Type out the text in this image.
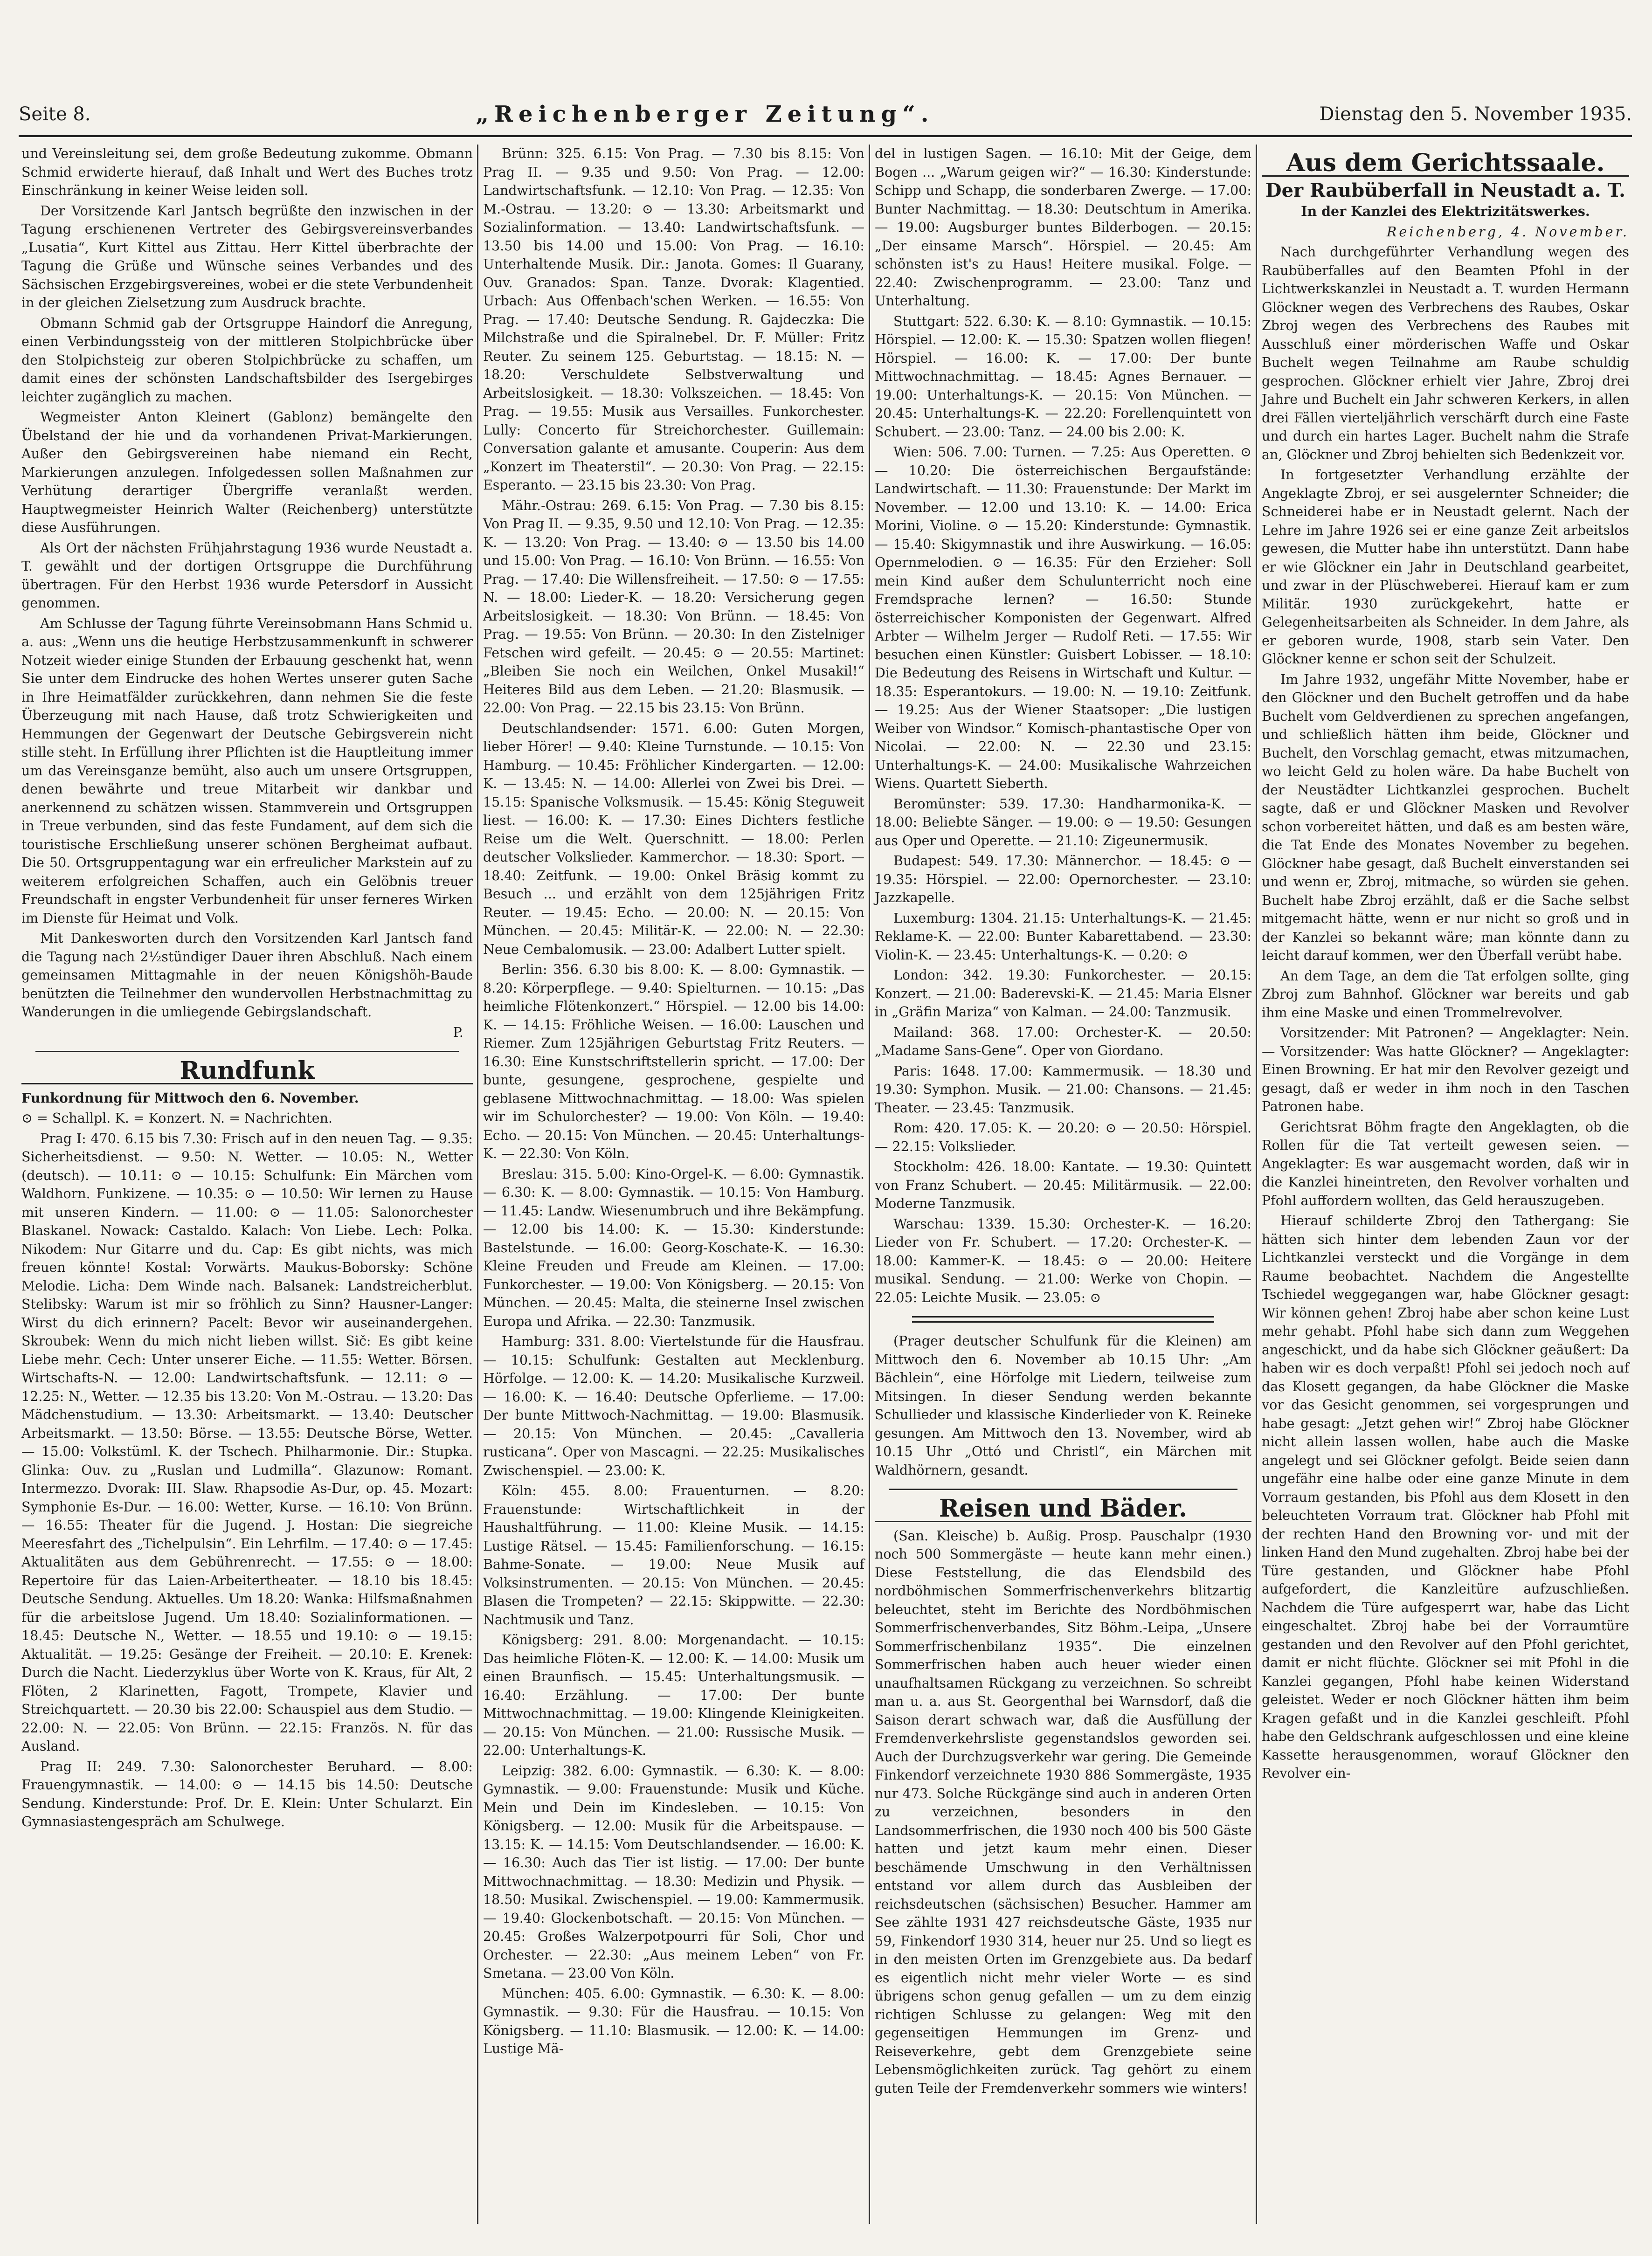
Seite 8.	„Reichenberger Zeitung“.	Dienstag den 5. November 1935.

und Vereinsleitung sei, dem große Bedeutung zukomme. Obmann Schmid erwiderte hierauf, daß Inhalt und Wert des Buches trotz Einschränkung in keiner Weise leiden soll.

Der Vorsitzende Karl Jantsch begrüßte den inzwischen in der Tagung erschienenen Vertreter des Gebirgsvereinsverbandes „Lusatia“, Kurt Kittel aus Zittau. Herr Kittel überbrachte der Tagung die Grüße und Wünsche seines Verbandes und des Sächsischen Erzgebirgsvereines, wobei er die stete Verbundenheit in der gleichen Zielsetzung zum Ausdruck brachte.

Obmann Schmid gab der Ortsgruppe Haindorf die Anregung, einen Verbindungssteig von der mittleren Stolpichbrücke über den Stolpichsteig zur oberen Stolpichbrücke zu schaffen, um damit eines der schönsten Landschaftsbilder des Isergebirges leichter zugänglich zu machen.

Wegmeister Anton Kleinert (Gablonz) bemängelte den Übelstand der hie und da vorhandenen Privat-Markierungen. Außer den Gebirgsvereinen habe niemand ein Recht, Markierungen anzulegen. Infolgedessen sollen Maßnahmen zur Verhütung derartiger Übergriffe veranlaßt werden. Hauptwegmeister Heinrich Walter (Reichenberg) unterstützte diese Ausführungen.

Als Ort der nächsten Frühjahrstagung 1936 wurde Neustadt a. T. gewählt und der dortigen Ortsgruppe die Durchführung übertragen. Für den Herbst 1936 wurde Petersdorf in Aussicht genommen.

Am Schlusse der Tagung führte Vereinsobmann Hans Schmid u. a. aus: „Wenn uns die heutige Herbstzusammenkunft in schwerer Notzeit wieder einige Stunden der Erbauung geschenkt hat, wenn Sie unter dem Eindrucke des hohen Wertes unserer guten Sache in Ihre Heimatfälder zurückkehren, dann nehmen Sie die feste Überzeugung mit nach Hause, daß trotz Schwierigkeiten und Hemmungen der Gegenwart der Deutsche Gebirgsverein nicht stille steht. In Erfüllung ihrer Pflichten ist die Hauptleitung immer um das Vereinsganze bemüht, also auch um unsere Ortsgruppen, denen bewährte und treue Mitarbeit wir dankbar und anerkennend zu schätzen wissen. Stammverein und Ortsgruppen in Treue verbunden, sind das feste Fundament, auf dem sich die touristische Erschließung unserer schönen Bergheimat aufbaut. Die 50. Ortsgruppentagung war ein erfreulicher Markstein auf zu weiterem erfolgreichen Schaffen, auch ein Gelöbnis treuer Freundschaft in engster Verbundenheit für unser ferneres Wirken im Dienste für Heimat und Volk.

Mit Dankesworten durch den Vorsitzenden Karl Jantsch fand die Tagung nach 2½stündiger Dauer ihren Abschluß. Nach einem gemeinsamen Mittagmahle in der neuen Königshöh-Baude benützten die Teilnehmer den wundervollen Herbstnachmittag zu Wanderungen in die umliegende Gebirgslandschaft.

P.
Rundfunk

Funkordnung für Mittwoch den 6. November.

⊙ = Schallpl. K. = Konzert. N. = Nachrichten.

Prag I: 470. 6.15 bis 7.30: Frisch auf in den neuen Tag. — 9.35: Sicherheitsdienst. — 9.50: N. Wetter. — 10.05: N., Wetter (deutsch). — 10.11: ⊙ — 10.15: Schulfunk: Ein Märchen vom Waldhorn. Funkizene. — 10.35: ⊙ — 10.50: Wir lernen zu Hause mit unseren Kindern. — 11.00: ⊙ — 11.05: Salonorchester Blaskanel. Nowack: Castaldo. Kalach: Von Liebe. Lech: Polka. Nikodem: Nur Gitarre und du. Cap: Es gibt nichts, was mich freuen könnte! Kostal: Vorwärts. Maukus-Boborsky: Schöne Melodie. Licha: Dem Winde nach. Balsanek: Landstreicherblut. Stelibsky: Warum ist mir so fröhlich zu Sinn? Hausner-Langer: Wirst du dich erinnern? Pacelt: Bevor wir auseinandergehen. Skroubek: Wenn du mich nicht lieben willst. Sič: Es gibt keine Liebe mehr. Cech: Unter unserer Eiche. — 11.55: Wetter. Börsen. Wirtschafts-N. — 12.00: Landwirtschaftsfunk. — 12.11: ⊙ — 12.25: N., Wetter. — 12.35 bis 13.20: Von M.-Ostrau. — 13.20: Das Mädchenstudium. — 13.30: Arbeitsmarkt. — 13.40: Deutscher Arbeitsmarkt. — 13.50: Börse. — 13.55: Deutsche Börse, Wetter. — 15.00: Volkstüml. K. der Tschech. Philharmonie. Dir.: Stupka. Glinka: Ouv. zu „Ruslan und Ludmilla“. Glazunow: Romant. Intermezzo. Dvorak: III. Slaw. Rhapsodie As-Dur, op. 45. Mozart: Symphonie Es-Dur. — 16.00: Wetter, Kurse. — 16.10: Von Brünn. — 16.55: Theater für die Jugend. J. Hostan: Die siegreiche Meeresfahrt des „Tichelpulsin“. Ein Lehrfilm. — 17.40: ⊙ — 17.45: Aktualitäten aus dem Gebührenrecht. — 17.55: ⊙ — 18.00: Repertoire für das Laien-Arbeitertheater. — 18.10 bis 18.45: Deutsche Sendung. Aktuelles. Um 18.20: Wanka: Hilfsmaßnahmen für die arbeitslose Jugend. Um 18.40: Sozialinformationen. — 18.45: Deutsche N., Wetter. — 18.55 und 19.10: ⊙ — 19.15: Aktualität. — 19.25: Gesänge der Freiheit. — 20.10: E. Krenek: Durch die Nacht. Liederzyklus über Worte von K. Kraus, für Alt, 2 Flöten, 2 Klarinetten, Fagott, Trompete, Klavier und Streichquartett. — 20.30 bis 22.00: Schauspiel aus dem Studio. — 22.00: N. — 22.05: Von Brünn. — 22.15: Französ. N. für das Ausland.

Prag II: 249. 7.30: Salonorchester Beruhard. — 8.00: Frauengymnastik. — 14.00: ⊙ — 14.15 bis 14.50: Deutsche Sendung. Kinderstunde: Prof. Dr. E. Klein: Unter Schularzt. Ein Gymnasiastengespräch am Schulwege.

Brünn: 325. 6.15: Von Prag. — 7.30 bis 8.15: Von Prag II. — 9.35 und 9.50: Von Prag. — 12.00: Landwirtschaftsfunk. — 12.10: Von Prag. — 12.35: Von M.-Ostrau. — 13.20: ⊙ — 13.30: Arbeitsmarkt und Sozialinformation. — 13.40: Landwirtschaftsfunk. — 13.50 bis 14.00 und 15.00: Von Prag. — 16.10: Unterhaltende Musik. Dir.: Janota. Gomes: Il Guarany, Ouv. Granados: Span. Tanze. Dvorak: Klagentied. Urbach: Aus Offenbach'schen Werken. — 16.55: Von Prag. — 17.40: Deutsche Sendung. R. Gajdeczka: Die Milchstraße und die Spiralnebel. Dr. F. Müller: Fritz Reuter. Zu seinem 125. Geburtstag. — 18.15: N. — 18.20: Verschuldete Selbstverwaltung und Arbeitslosigkeit. — 18.30: Volkszeichen. — 18.45: Von Prag. — 19.55: Musik aus Versailles. Funkorchester. Lully: Concerto für Streichorchester. Guillemain: Conversation galante et amusante. Couperin: Aus dem „Konzert im Theaterstil“. — 20.30: Von Prag. — 22.15: Esperanto. — 23.15 bis 23.30: Von Prag.

Mähr.-Ostrau: 269. 6.15: Von Prag. — 7.30 bis 8.15: Von Prag II. — 9.35, 9.50 und 12.10: Von Prag. — 12.35: K. — 13.20: Von Prag. — 13.40: ⊙ — 13.50 bis 14.00 und 15.00: Von Prag. — 16.10: Von Brünn. — 16.55: Von Prag. — 17.40: Die Willensfreiheit. — 17.50: ⊙ — 17.55: N. — 18.00: Lieder-K. — 18.20: Versicherung gegen Arbeitslosigkeit. — 18.30: Von Brünn. — 18.45: Von Prag. — 19.55: Von Brünn. — 20.30: In den Zistelniger Fetschen wird gefeilt. — 20.45: ⊙ — 20.55: Martinet: „Bleiben Sie noch ein Weilchen, Onkel Musakil!“ Heiteres Bild aus dem Leben. — 21.20: Blasmusik. — 22.00: Von Prag. — 22.15 bis 23.15: Von Brünn.

Deutschlandsender: 1571. 6.00: Guten Morgen, lieber Hörer! — 9.40: Kleine Turnstunde. — 10.15: Von Hamburg. — 10.45: Fröhlicher Kindergarten. — 12.00: K. — 13.45: N. — 14.00: Allerlei von Zwei bis Drei. — 15.15: Spanische Volksmusik. — 15.45: König Steguweit liest. — 16.00: K. — 17.30: Eines Dichters festliche Reise um die Welt. Querschnitt. — 18.00: Perlen deutscher Volkslieder. Kammerchor. — 18.30: Sport. — 18.40: Zeitfunk. — 19.00: Onkel Bräsig kommt zu Besuch ... und erzählt von dem 125jährigen Fritz Reuter. — 19.45: Echo. — 20.00: N. — 20.15: Von München. — 20.45: Militär-K. — 22.00: N. — 22.30: Neue Cembalomusik. — 23.00: Adalbert Lutter spielt.

Berlin: 356. 6.30 bis 8.00: K. — 8.00: Gymnastik. — 8.20: Körperpflege. — 9.40: Spielturnen. — 10.15: „Das heimliche Flötenkonzert.“ Hörspiel. — 12.00 bis 14.00: K. — 14.15: Fröhliche Weisen. — 16.00: Lauschen und Riemer. Zum 125jährigen Geburtstag Fritz Reuters. — 16.30: Eine Kunstschriftstellerin spricht. — 17.00: Der bunte, gesungene, gesprochene, gespielte und geblasene Mittwochnachmittag. — 18.00: Was spielen wir im Schulorchester? — 19.00: Von Köln. — 19.40: Echo. — 20.15: Von München. — 20.45: Unterhaltungs-K. — 22.30: Von Köln.

Breslau: 315. 5.00: Kino-Orgel-K. — 6.00: Gymnastik. — 6.30: K. — 8.00: Gymnastik. — 10.15: Von Hamburg. — 11.45: Landw. Wiesenumbruch und ihre Bekämpfung. — 12.00 bis 14.00: K. — 15.30: Kinderstunde: Bastelstunde. — 16.00: Georg-Koschate-K. — 16.30: Kleine Freuden und Freude am Kleinen. — 17.00: Funkorchester. — 19.00: Von Königsberg. — 20.15: Von München. — 20.45: Malta, die steinerne Insel zwischen Europa und Afrika. — 22.30: Tanzmusik.

Hamburg: 331. 8.00: Viertelstunde für die Hausfrau. — 10.15: Schulfunk: Gestalten aut Mecklenburg. Hörfolge. — 12.00: K. — 14.20: Musikalische Kurzweil. — 16.00: K. — 16.40: Deutsche Opferlieme. — 17.00: Der bunte Mittwoch-Nachmittag. — 19.00: Blasmusik. — 20.15: Von München. — 20.45: „Cavalleria rusticana“. Oper von Mascagni. — 22.25: Musikalisches Zwischenspiel. — 23.00: K.

Köln: 455. 8.00: Frauenturnen. — 8.20: Frauenstunde: Wirtschaftlichkeit in der Haushaltführung. — 11.00: Kleine Musik. — 14.15: Lustige Rätsel. — 15.45: Familienforschung. — 16.15: Bahme-Sonate. — 19.00: Neue Musik auf Volksinstrumenten. — 20.15: Von München. — 20.45: Blasen die Trompeten? — 22.15: Skippwitte. — 22.30: Nachtmusik und Tanz.

Königsberg: 291. 8.00: Morgenandacht. — 10.15: Das heimliche Flöten-K. — 12.00: K. — 14.00: Musik um einen Braunfisch. — 15.45: Unterhaltungsmusik. — 16.40: Erzählung. — 17.00: Der bunte Mittwochnachmittag. — 19.00: Klingende Kleinigkeiten. — 20.15: Von München. — 21.00: Russische Musik. — 22.00: Unterhaltungs-K.

Leipzig: 382. 6.00: Gymnastik. — 6.30: K. — 8.00: Gymnastik. — 9.00: Frauenstunde: Musik und Küche. Mein und Dein im Kindesleben. — 10.15: Von Königsberg. — 12.00: Musik für die Arbeitspause. — 13.15: K. — 14.15: Vom Deutschlandsender. — 16.00: K. — 16.30: Auch das Tier ist listig. — 17.00: Der bunte Mittwochnachmittag. — 18.30: Medizin und Physik. — 18.50: Musikal. Zwischenspiel. — 19.00: Kammermusik. — 19.40: Glockenbotschaft. — 20.15: Von München. — 20.45: Großes Walzerpotpourri für Soli, Chor und Orchester. — 22.30: „Aus meinem Leben“ von Fr. Smetana. — 23.00 Von Köln.

München: 405. 6.00: Gymnastik. — 6.30: K. — 8.00: Gymnastik. — 9.30: Für die Hausfrau. — 10.15: Von Königsberg. — 11.10: Blasmusik. — 12.00: K. — 14.00: Lustige Mä-

del in lustigen Sagen. — 16.10: Mit der Geige, dem Bogen ... „Warum geigen wir?“ — 16.30: Kinderstunde: Schipp und Schapp, die sonderbaren Zwerge. — 17.00: Bunter Nachmittag. — 18.30: Deutschtum in Amerika. — 19.00: Augsburger buntes Bilderbogen. — 20.15: „Der einsame Marsch“. Hörspiel. — 20.45: Am schönsten ist's zu Haus! Heitere musikal. Folge. — 22.40: Zwischenprogramm. — 23.00: Tanz und Unterhaltung.

Stuttgart: 522. 6.30: K. — 8.10: Gymnastik. — 10.15: Hörspiel. — 12.00: K. — 15.30: Spatzen wollen fliegen! Hörspiel. — 16.00: K. — 17.00: Der bunte Mittwochnachmittag. — 18.45: Agnes Bernauer. — 19.00: Unterhaltungs-K. — 20.15: Von München. — 20.45: Unterhaltungs-K. — 22.20: Forellenquintett von Schubert. — 23.00: Tanz. — 24.00 bis 2.00: K.

Wien: 506. 7.00: Turnen. — 7.25: Aus Operetten. ⊙ — 10.20: Die österreichischen Bergaufstände: Landwirtschaft. — 11.30: Frauenstunde: Der Markt im November. — 12.00 und 13.10: K. — 14.00: Erica Morini, Violine. ⊙ — 15.20: Kinderstunde: Gymnastik. — 15.40: Skigymnastik und ihre Auswirkung. — 16.05: Opernmelodien. ⊙ — 16.35: Für den Erzieher: Soll mein Kind außer dem Schulunterricht noch eine Fremdsprache lernen? — 16.50: Stunde österreichischer Komponisten der Gegenwart. Alfred Arbter — Wilhelm Jerger — Rudolf Reti. — 17.55: Wir besuchen einen Künstler: Guisbert Lobisser. — 18.10: Die Bedeutung des Reisens in Wirtschaft und Kultur. — 18.35: Esperantokurs. — 19.00: N. — 19.10: Zeitfunk. — 19.25: Aus der Wiener Staatsoper: „Die lustigen Weiber von Windsor.“ Komisch-phantastische Oper von Nicolai. — 22.00: N. — 22.30 und 23.15: Unterhaltungs-K. — 24.00: Musikalische Wahrzeichen Wiens. Quartett Sieberth.

Beromünster: 539. 17.30: Handharmonika-K. — 18.00: Beliebte Sänger. — 19.00: ⊙ — 19.50: Gesungen aus Oper und Operette. — 21.10: Zigeunermusik.

Budapest: 549. 17.30: Männerchor. — 18.45: ⊙ — 19.35: Hörspiel. — 22.00: Opernorchester. — 23.10: Jazzkapelle.

Luxemburg: 1304. 21.15: Unterhaltungs-K. — 21.45: Reklame-K. — 22.00: Bunter Kabarettabend. — 23.30: Violin-K. — 23.45: Unterhaltungs-K. — 0.20: ⊙

London: 342. 19.30: Funkorchester. — 20.15: Konzert. — 21.00: Baderevski-K. — 21.45: Maria Elsner in „Gräfin Mariza“ von Kalman. — 24.00: Tanzmusik.

Mailand: 368. 17.00: Orchester-K. — 20.50: „Madame Sans-Gene“. Oper von Giordano.

Paris: 1648. 17.00: Kammermusik. — 18.30 und 19.30: Symphon. Musik. — 21.00: Chansons. — 21.45: Theater. — 23.45: Tanzmusik.

Rom: 420. 17.05: K. — 20.20: ⊙ — 20.50: Hörspiel. — 22.15: Volkslieder.

Stockholm: 426. 18.00: Kantate. — 19.30: Quintett von Franz Schubert. — 20.45: Militärmusik. — 22.00: Moderne Tanzmusik.

Warschau: 1339. 15.30: Orchester-K. — 16.20: Lieder von Fr. Schubert. — 17.20: Orchester-K. — 18.00: Kammer-K. — 18.45: ⊙ — 20.00: Heitere musikal. Sendung. — 21.00: Werke von Chopin. — 22.05: Leichte Musik. — 23.05: ⊙

(Prager deutscher Schulfunk für die Kleinen) am Mittwoch den 6. November ab 10.15 Uhr: „Am Bächlein“, eine Hörfolge mit Liedern, teilweise zum Mitsingen. In dieser Sendung werden bekannte Schullieder und klassische Kinderlieder von K. Reineke gesungen. Am Mittwoch den 13. November, wird ab 10.15 Uhr „Ottó und Christl“, ein Märchen mit Waldhörnern, gesandt.

Reisen und Bäder.

(San. Kleische) b. Außig. Prosp. Pauschalpr (1930 noch 500 Sommergäste — heute kann mehr einen.) Diese Feststellung, die das Elendsbild des nordböhmischen Sommerfrischenverkehrs blitzartig beleuchtet, steht im Berichte des Nordböhmischen Sommerfrischenverbandes, Sitz Böhm.-Leipa, „Unsere Sommerfrischenbilanz 1935“. Die einzelnen Sommerfrischen haben auch heuer wieder einen unaufhaltsamen Rückgang zu verzeichnen. So schreibt man u. a. aus St. Georgenthal bei Warnsdorf, daß die Saison derart schwach war, daß die Ausfüllung der Fremdenverkehrsliste gegenstandslos geworden sei. Auch der Durchzugsverkehr war gering. Die Gemeinde Finkendorf verzeichnete 1930 886 Sommergäste, 1935 nur 473. Solche Rückgänge sind auch in anderen Orten zu verzeichnen, besonders in den Landsommerfrischen, die 1930 noch 400 bis 500 Gäste hatten und jetzt kaum mehr einen. Dieser beschämende Umschwung in den Verhältnissen entstand vor allem durch das Ausbleiben der reichsdeutschen (sächsischen) Besucher. Hammer am See zählte 1931 427 reichsdeutsche Gäste, 1935 nur 59, Finkendorf 1930 314, heuer nur 25. Und so liegt es in den meisten Orten im Grenzgebiete aus. Da bedarf es eigentlich nicht mehr vieler Worte — es sind übrigens schon genug gefallen — um zu dem einzig richtigen Schlusse zu gelangen: Weg mit den gegenseitigen Hemmungen im Grenz- und Reiseverkehre, gebt dem Grenzgebiete seine Lebensmöglichkeiten zurück. Tag gehört zu einem guten Teile der Fremdenverkehr sommers wie winters!

Aus dem Gerichtssaale.
Der Raubüberfall in Neustadt a. T.

In der Kanzlei des Elektrizitätswerkes.

Reichenberg, 4. November.

Nach durchgeführter Verhandlung wegen des Raubüberfalles auf den Beamten Pfohl in der Lichtwerkskanzlei in Neustadt a. T. wurden Hermann Glöckner wegen des Verbrechens des Raubes, Oskar Zbroj wegen des Verbrechens des Raubes mit Ausschluß einer mörderischen Waffe und Oskar Buchelt wegen Teilnahme am Raube schuldig gesprochen. Glöckner erhielt vier Jahre, Zbroj drei Jahre und Buchelt ein Jahr schweren Kerkers, in allen drei Fällen vierteljährlich verschärft durch eine Faste und durch ein hartes Lager. Buchelt nahm die Strafe an, Glöckner und Zbroj behielten sich Bedenkzeit vor.

In fortgesetzter Verhandlung erzählte der Angeklagte Zbroj, er sei ausgelernter Schneider; die Schneiderei habe er in Neustadt gelernt. Nach der Lehre im Jahre 1926 sei er eine ganze Zeit arbeitslos gewesen, die Mutter habe ihn unterstützt. Dann habe er wie Glöckner ein Jahr in Deutschland gearbeitet, und zwar in der Plüschweberei. Hierauf kam er zum Militär. 1930 zurückgekehrt, hatte er Gelegenheitsarbeiten als Schneider. In dem Jahre, als er geboren wurde, 1908, starb sein Vater. Den Glöckner kenne er schon seit der Schulzeit.

Im Jahre 1932, ungefähr Mitte November, habe er den Glöckner und den Buchelt getroffen und da habe Buchelt vom Geldverdienen zu sprechen angefangen, und schließlich hätten ihm beide, Glöckner und Buchelt, den Vorschlag gemacht, etwas mitzumachen, wo leicht Geld zu holen wäre. Da habe Buchelt von der Neustädter Lichtkanzlei gesprochen. Buchelt sagte, daß er und Glöckner Masken und Revolver schon vorbereitet hätten, und daß es am besten wäre, die Tat Ende des Monates November zu begehen. Glöckner habe gesagt, daß Buchelt einverstanden sei und wenn er, Zbroj, mitmache, so würden sie gehen. Buchelt habe Zbroj erzählt, daß er die Sache selbst mitgemacht hätte, wenn er nur nicht so groß und in der Kanzlei so bekannt wäre; man könnte dann zu leicht darauf kommen, wer den Überfall verübt habe.

An dem Tage, an dem die Tat erfolgen sollte, ging Zbroj zum Bahnhof. Glöckner war bereits und gab ihm eine Maske und einen Trommelrevolver.

Vorsitzender: Mit Patronen? — Angeklagter: Nein. — Vorsitzender: Was hatte Glöckner? — Angeklagter: Einen Browning. Er hat mir den Revolver gezeigt und gesagt, daß er weder in ihm noch in den Taschen Patronen habe.

Gerichtsrat Böhm fragte den Angeklagten, ob die Rollen für die Tat verteilt gewesen seien. — Angeklagter: Es war ausgemacht worden, daß wir in die Kanzlei hineintreten, den Revolver vorhalten und Pfohl auffordern wollten, das Geld herauszugeben.

Hierauf schilderte Zbroj den Tathergang: Sie hätten sich hinter dem lebenden Zaun vor der Lichtkanzlei versteckt und die Vorgänge in dem Raume beobachtet. Nachdem die Angestellte Tschiedel weggegangen war, habe Glöckner gesagt: Wir können gehen! Zbroj habe aber schon keine Lust mehr gehabt. Pfohl habe sich dann zum Weggehen angeschickt, und da habe sich Glöckner geäußert: Da haben wir es doch verpaßt! Pfohl sei jedoch noch auf das Klosett gegangen, da habe Glöckner die Maske vor das Gesicht genommen, sei vorgesprungen und habe gesagt: „Jetzt gehen wir!“ Zbroj habe Glöckner nicht allein lassen wollen, habe auch die Maske angelegt und sei Glöckner gefolgt. Beide seien dann ungefähr eine halbe oder eine ganze Minute in dem Vorraum gestanden, bis Pfohl aus dem Klosett in den beleuchteten Vorraum trat. Glöckner hab Pfohl mit der rechten Hand den Browning vor- und mit der linken Hand den Mund zugehalten. Zbroj habe bei der Türe gestanden, und Glöckner habe Pfohl aufgefordert, die Kanzleitüre aufzuschließen. Nachdem die Türe aufgesperrt war, habe das Licht eingeschaltet. Zbroj habe bei der Vorraumtüre gestanden und den Revolver auf den Pfohl gerichtet, damit er nicht flüchte. Glöckner sei mit Pfohl in die Kanzlei gegangen, Pfohl habe keinen Widerstand geleistet. Weder er noch Glöckner hätten ihm beim Kragen gefaßt und in die Kanzlei geschleift. Pfohl habe den Geldschrank aufgeschlossen und eine kleine Kassette herausgenommen, worauf Glöckner den Revolver ein-
